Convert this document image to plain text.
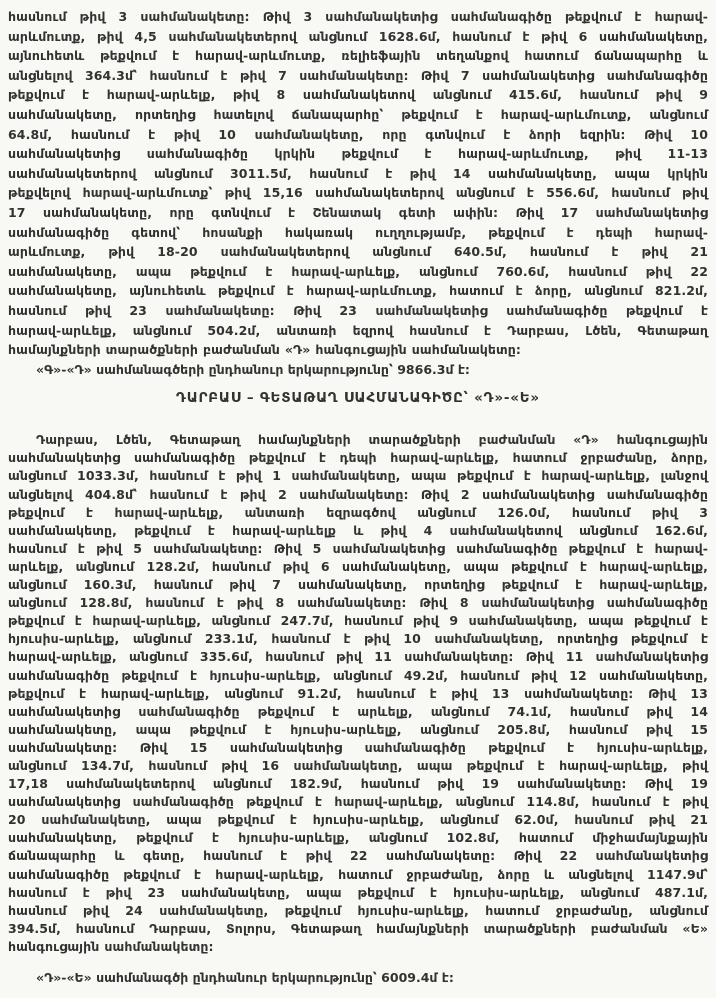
հասնում թիվ 3 սահմանակետը: Թիվ 3 սահմանակետից սահմանագիծը թեքվում է հարավ-
արևմուտք, թիվ 4,5 սահմանակետերով անցնում 1628.6մ, հասնում է թիվ 6 սահմանակետը,
այնուհետև թեքվում է հարավ-արևմուտք, ռելիեֆային տեղանքով հատում ճանապարհը և
անցնելով 364.3մ՝ հասնում է թիվ 7 սահմանակետը: Թիվ 7 սահմանակետից սահմանագիծը
թեքվում է հարավ-արևելք, թիվ 8 սահմանակետով անցնում 415.6մ, հասնում թիվ 9
սահմանակետը, որտեղից հատելով ճանապարհը՝ թեքվում է հարավ-արևմուտք, անցնում
64.8մ, հասնում է թիվ 10 սահմանակետը, որը գտնվում է ձորի եզրին: Թիվ 10
սահմանակետից սահմանագիծը կրկին թեքվում է հարավ-արևմուտք, թիվ 11-13
սահմանակետերով անցնում 3011.5մ, հասնում է թիվ 14 սահմանակետը, ապա կրկին
թեքվելով հարավ-արևմուտք՝ թիվ 15,16 սահմանակետերով անցնում է 556.6մ, հասնում թիվ
17 սահմանակետը, որը գտնվում է Շենատակ գետի ափին: Թիվ 17 սահմանակետից
սահմանագիծը գետով՝ հոսանքի հակառակ ուղղությամբ, թեքվում է դեպի հարավ-
արևմուտք, թիվ 18-20 սահմանակետերով անցնում 640.5մ, հասնում է թիվ 21
սահմանակետը, ապա թեքվում է հարավ-արևելք, անցնում 760.6մ, հասնում թիվ 22
սահմանակետը, այնուհետև թեքվում է հարավ-արևմուտք, հատում է ձորը, անցնում 821.2մ,
հասնում թիվ 23 սահմանակետը: Թիվ 23 սահմանակետից սահմանագիծը թեքվում է
հարավ-արևելք, անցնում 504.2մ, անտառի եզրով հասնում է Դարբաս, Լծեն, Գետաթաղ
համայնքների տարածքների բաժանման «Դ» հանգուցային սահմանակետը:
«Գ»-«Դ» սահմանագծերի ընդհանուր երկարությունը՝ 9866.3մ է:
ԴԱՐԲԱՍ – ԳԵՏԱԹԱՂ ՍԱՀՄԱՆԱԳԻԾԸ՝ «Դ»-«Ե»
Դարբաս, Լծեն, Գետաթաղ համայնքների տարածքների բաժանման «Դ» հանգուցային
սահմանակետից սահմանագիծը թեքվում է դեպի հարավ-արևելք, հատում ջրբաժանը, ձորը,
անցնում 1033.3մ, հասնում է թիվ 1 սահմանակետը, ապա թեքվում է հարավ-արևելք, լանջով
անցնելով 404.8մ՝ հասնում է թիվ 2 սահմանակետը: Թիվ 2 սահմանակետից սահմանագիծը
թեքվում է հարավ-արևելք, անտառի եզրագծով անցնում 126.0մ, հասնում թիվ 3
սահմանակետը, թեքվում է հարավ-արևելք և թիվ 4 սահմանակետով անցնում 162.6մ,
հասնում է թիվ 5 սահմանակետը: Թիվ 5 սահմանակետից սահմանագիծը թեքվում է հարավ-
արևելք, անցնում 128.2մ, հասնում թիվ 6 սահմանակետը, ապա թեքվում է հարավ-արևելք,
անցնում 160.3մ, հասնում թիվ 7 սահմանակետը, որտեղից թեքվում է հարավ-արևելք,
անցնում 128.8մ, հասնում է թիվ 8 սահմանակետը: Թիվ 8 սահմանակետից սահմանագիծը
թեքվում է հարավ-արևելք, անցնում 247.7մ, հասնում թիվ 9 սահմանակետը, ապա թեքվում է
հյուսիս-արևելք, անցնում 233.1մ, հասնում է թիվ 10 սահմանակետը, որտեղից թեքվում է
հարավ-արևելք, անցնում 335.6մ, հասնում թիվ 11 սահմանակետը: Թիվ 11 սահմանակետից
սահմանագիծը թեքվում է հյուսիս-արևելք, անցնում 49.2մ, հասնում թիվ 12 սահմանակետը,
թեքվում է հարավ-արևելք, անցնում 91.2մ, հասնում է թիվ 13 սահմանակետը: Թիվ 13
սահմանակետից սահմանագիծը թեքվում է արևելք, անցնում 74.1մ, հասնում թիվ 14
սահմանակետը, ապա թեքվում է հյուսիս-արևելք, անցնում 205.8մ, հասնում թիվ 15
սահմանակետը: Թիվ 15 սահմանակետից սահմանագիծը թեքվում է հյուսիս-արևելք,
անցնում 134.7մ, հասնում թիվ 16 սահմանակետը, ապա թեքվում է հարավ-արևելք, թիվ
17,18 սահմանակետերով անցնում 182.9մ, հասնում թիվ 19 սահմանակետը: Թիվ 19
սահմանակետից սահմանագիծը թեքվում է հարավ-արևելք, անցնում 114.8մ, հասնում է թիվ
20 սահմանակետը, ապա թեքվում է հյուսիս-արևելք, անցնում 62.0մ, հասնում թիվ 21
սահմանակետը, թեքվում է հյուսիս-արևելք, անցնում 102.8մ, հատում միջհամայնքային
ճանապարհը և գետը, հասնում է թիվ 22 սահմանակետը: Թիվ 22 սահմանակետից
սահմանագիծը թեքվում է հարավ-արևելք, հատում ջրբաժանը, ձորը և անցնելով 1147.9մ՝
հասնում է թիվ 23 սահմանակետը, ապա թեքվում է հյուսիս-արևելք, անցնում 487.1մ,
հասնում թիվ 24 սահմանակետը, թեքվում հյուսիս-արևելք, հատում ջրբաժանը, անցնում
394.5մ, հասնում Դարբաս, Տոլորս, Գետաթաղ համայնքների տարածքների բաժանման «Ե»
հանգուցային սահմանակետը:
«Դ»-«Ե» սահմանագծի ընդհանուր երկարությունը՝ 6009.4մ է:
